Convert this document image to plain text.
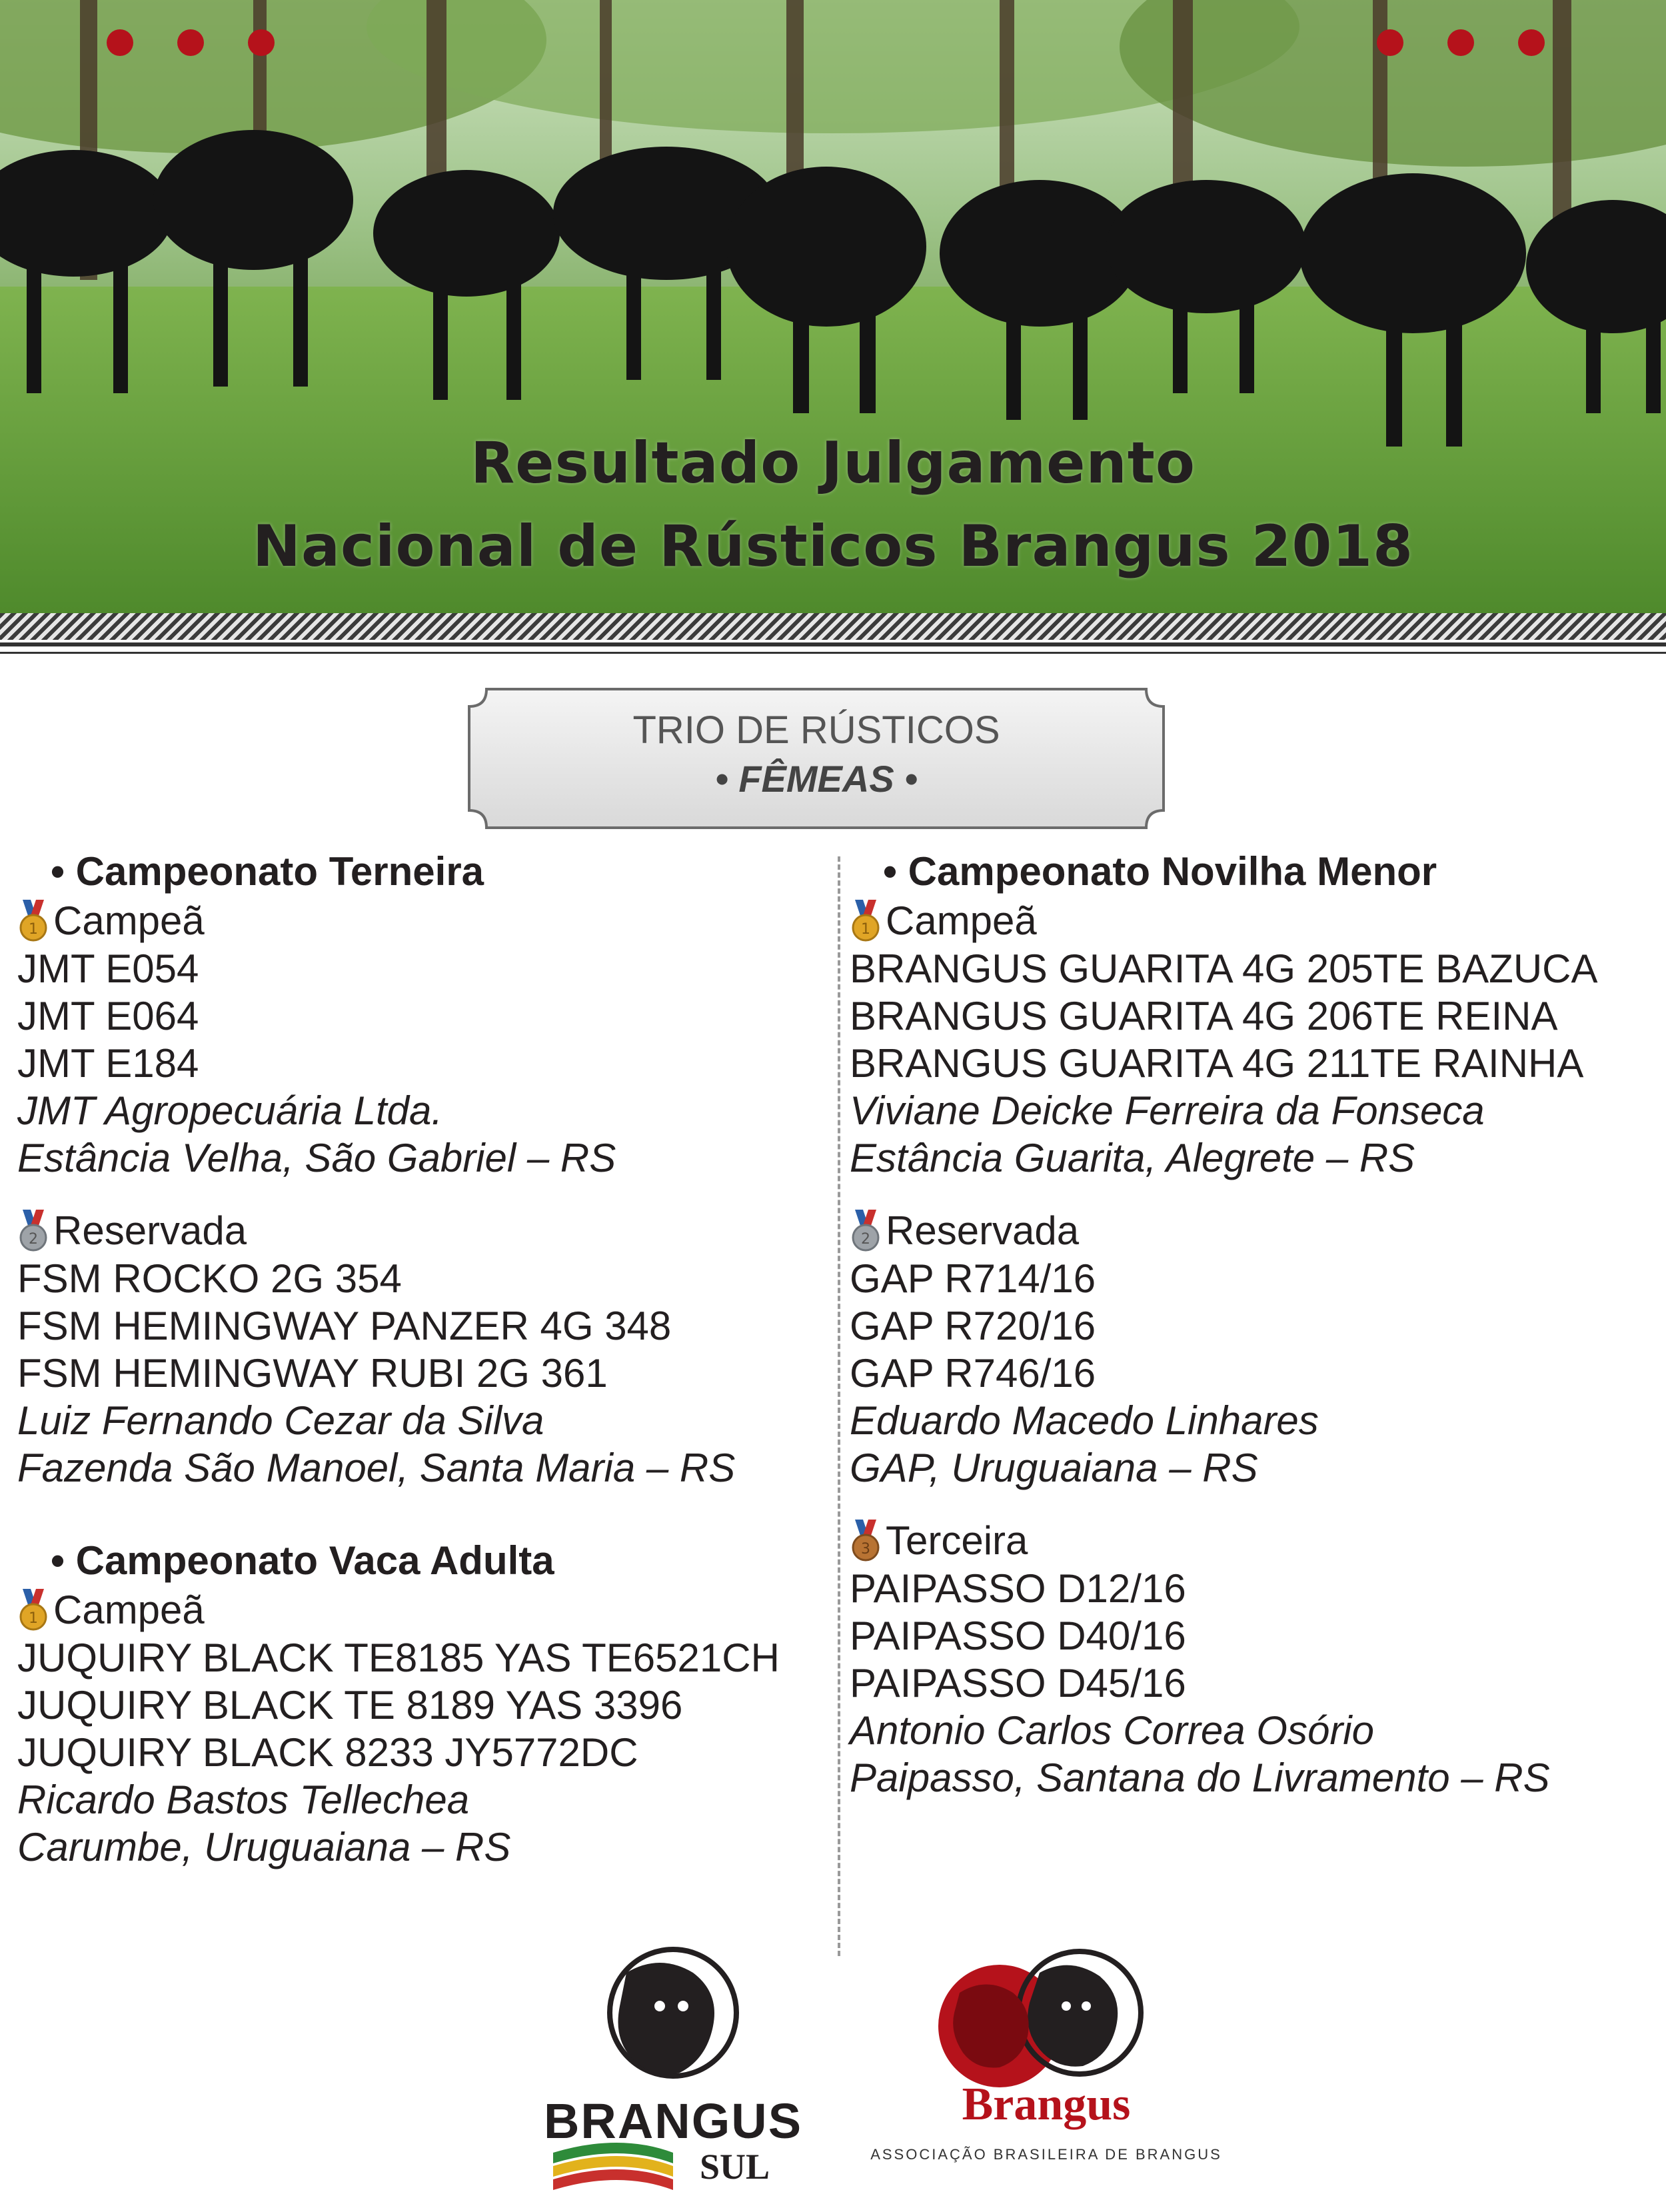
Resultado Julgamento
Nacional de Rústicos Brangus 2018
TRIO DE RÚSTICOS
• FÊMEAS •

• Campeonato Terneira

1 Campeã
JMT E054
JMT E064
JMT E184
JMT Agropecuária Ltda.
Estância Velha, São Gabriel – RS
2 Reservada
FSM ROCKO 2G 354
FSM HEMINGWAY PANZER 4G 348
FSM HEMINGWAY RUBI 2G 361
Luiz Fernando Cezar da Silva
Fazenda São Manoel, Santa Maria – RS

• Campeonato Vaca Adulta

1 Campeã
JUQUIRY BLACK TE8185 YAS TE6521CH
JUQUIRY BLACK TE 8189 YAS 3396
JUQUIRY BLACK 8233 JY5772DC
Ricardo Bastos Tellechea
Carumbe, Uruguaiana – RS

• Campeonato Novilha Menor

1 Campeã
BRANGUS GUARITA 4G 205TE BAZUCA
BRANGUS GUARITA 4G 206TE REINA
BRANGUS GUARITA 4G 211TE RAINHA
Viviane Deicke Ferreira da Fonseca
Estância Guarita, Alegrete – RS
2 Reservada
GAP R714/16
GAP R720/16
GAP R746/16
Eduardo Macedo Linhares
GAP, Uruguaiana – RS
3 Terceira
PAIPASSO D12/16
PAIPASSO D40/16
PAIPASSO D45/16
Antonio Carlos Correa Osório
Paipasso, Santana do Livramento – RS
BRANGUS
SUL
Brangus
ASSOCIAÇÃO BRASILEIRA DE BRANGUS
